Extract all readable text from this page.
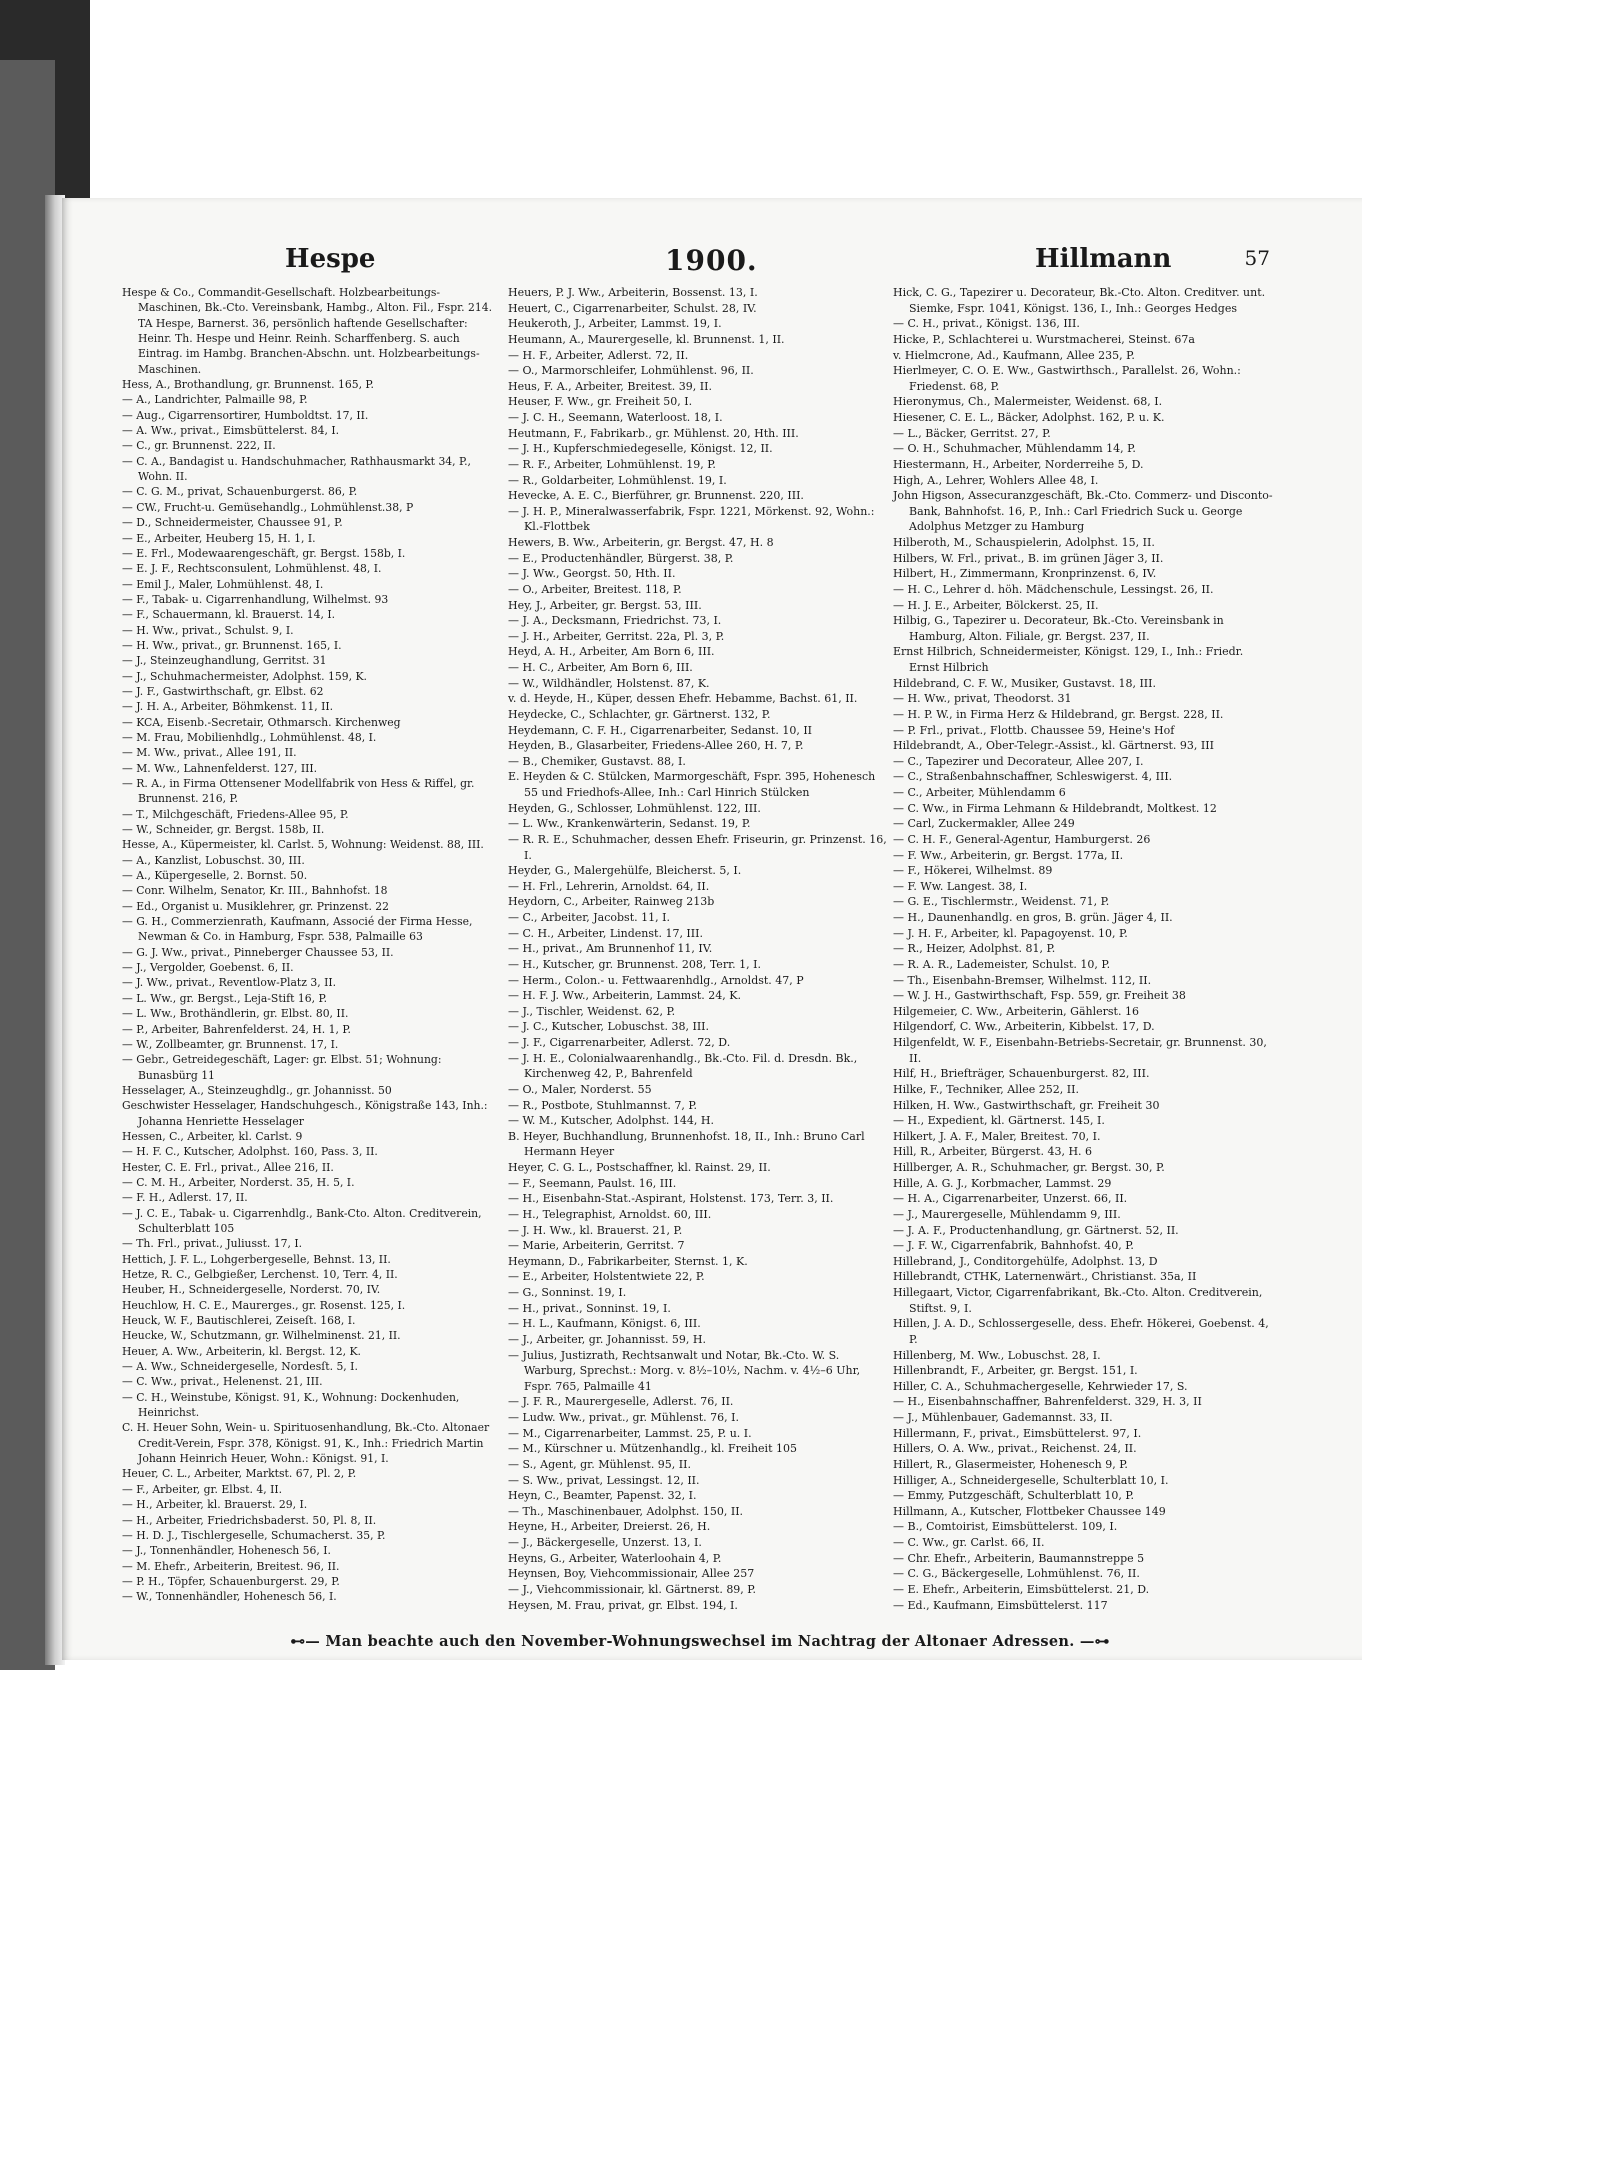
Hespe	1900.	Hillmann	57

Hespe & Co., Commandit-Gesellschaft. Holzbearbeitungs-Maschinen, Bk.-Cto. Vereinsbank, Hambg., Alton. Fil., Fspr. 214. TA Hespe, Barnerst. 36, persönlich haftende Gesellschafter: Heinr. Th. Hespe und Heinr. Reinh. Scharffenberg. S. auch Eintrag. im Hambg. Branchen-Abschn. unt. Holzbearbeitungs-Maschinen.

Hess, A., Brothandlung, gr. Brunnenst. 165, P.

— A., Landrichter, Palmaille 98, P.

— Aug., Cigarrensortirer, Humboldtst. 17, II.

— A. Ww., privat., Eimsbüttelerst. 84, I.

— C., gr. Brunnenst. 222, II.

— C. A., Bandagist u. Handschuhmacher, Rathhausmarkt 34, P., Wohn. II.

— C. G. M., privat, Schauenburgerst. 86, P.

— CW., Frucht-u. Gemüsehandlg., Lohmühlenst.38, P

— D., Schneidermeister, Chaussee 91, P.

— E., Arbeiter, Heuberg 15, H. 1, I.

— E. Frl., Modewaarengeschäft, gr. Bergst. 158b, I.

— E. J. F., Rechtsconsulent, Lohmühlenst. 48, I.

— Emil J., Maler, Lohmühlenst. 48, I.

— F., Tabak- u. Cigarrenhandlung, Wilhelmst. 93

— F., Schauermann, kl. Brauerst. 14, I.

— H. Ww., privat., Schulst. 9, I.

— H. Ww., privat., gr. Brunnenst. 165, I.

— J., Steinzeughandlung, Gerritst. 31

— J., Schuhmachermeister, Adolphst. 159, K.

— J. F., Gastwirthschaft, gr. Elbst. 62

— J. H. A., Arbeiter, Böhmkenst. 11, II.

— KCA, Eisenb.-Secretair, Othmarsch. Kirchenweg

— M. Frau, Mobilienhdlg., Lohmühlenst. 48, I.

— M. Ww., privat., Allee 191, II.

— M. Ww., Lahnenfelderst. 127, III.

— R. A., in Firma Ottensener Modellfabrik von Hess & Riffel, gr. Brunnenst. 216, P.

— T., Milchgeschäft, Friedens-Allee 95, P.

— W., Schneider, gr. Bergst. 158b, II.

Hesse, A., Küpermeister, kl. Carlst. 5, Wohnung: Weidenst. 88, III.

— A., Kanzlist, Lobuschst. 30, III.

— A., Küpergeselle, 2. Bornst. 50.

— Conr. Wilhelm, Senator, Kr. III., Bahnhofst. 18

— Ed., Organist u. Musiklehrer, gr. Prinzenst. 22

— G. H., Commerzienrath, Kaufmann, Associé der Firma Hesse, Newman & Co. in Hamburg, Fspr. 538, Palmaille 63

— G. J. Ww., privat., Pinneberger Chaussee 53, II.

— J., Vergolder, Goebenst. 6, II.

— J. Ww., privat., Reventlow-Platz 3, II.

— L. Ww., gr. Bergst., Leja-Stift 16, P.

— L. Ww., Brothändlerin, gr. Elbst. 80, II.

— P., Arbeiter, Bahrenfelderst. 24, H. 1, P.

— W., Zollbeamter, gr. Brunnenst. 17, I.

— Gebr., Getreidegeschäft, Lager: gr. Elbst. 51; Wohnung: Bunasbürg 11

Hesselager, A., Steinzeughdlg., gr. Johannisst. 50

Geschwister Hesselager, Handschuhgesch., Königstraße 143, Inh.: Johanna Henriette Hesselager

Hessen, C., Arbeiter, kl. Carlst. 9

— H. F. C., Kutscher, Adolphst. 160, Pass. 3, II.

Hester, C. E. Frl., privat., Allee 216, II.

— C. M. H., Arbeiter, Norderst. 35, H. 5, I.

— F. H., Adlerst. 17, II.

— J. C. E., Tabak- u. Cigarrenhdlg., Bank-Cto. Alton. Creditverein, Schulterblatt 105

— Th. Frl., privat., Juliusst. 17, I.

Hettich, J. F. L., Lohgerbergeselle, Behnst. 13, II.

Hetze, R. C., Gelbgießer, Lerchenst. 10, Terr. 4, II.

Heuber, H., Schneidergeselle, Norderst. 70, IV.

Heuchlow, H. C. E., Maurerges., gr. Rosenst. 125, I.

Heuck, W. F., Bautischlerei, Zeiseſt. 168, I.

Heucke, W., Schutzmann, gr. Wilhelminenst. 21, II.

Heuer, A. Ww., Arbeiterin, kl. Bergst. 12, K.

— A. Ww., Schneidergeselle, Nordesſt. 5, I.

— C. Ww., privat., Helenenst. 21, III.

— C. H., Weinstube, Königst. 91, K., Wohnung: Dockenhuden, Heinrichst.

C. H. Heuer Sohn, Wein- u. Spirituosenhandlung, Bk.-Cto. Altonaer Credit-Verein, Fspr. 378, Königst. 91, K., Inh.: Friedrich Martin Johann Heinrich Heuer, Wohn.: Königst. 91, I.

Heuer, C. L., Arbeiter, Marktst. 67, Pl. 2, P.

— F., Arbeiter, gr. Elbst. 4, II.

— H., Arbeiter, kl. Brauerst. 29, I.

— H., Arbeiter, Friedrichsbaderst. 50, Pl. 8, II.

— H. D. J., Tischlergeselle, Schumacherst. 35, P.

— J., Tonnenhändler, Hohenesch 56, I.

— M. Ehefr., Arbeiterin, Breitest. 96, II.

— P. H., Töpfer, Schauenburgerst. 29, P.

— W., Tonnenhändler, Hohenesch 56, I.

Heuers, P. J. Ww., Arbeiterin, Bossenst. 13, I.

Heuert, C., Cigarrenarbeiter, Schulst. 28, IV.

Heukeroth, J., Arbeiter, Lammst. 19, I.

Heumann, A., Maurergeselle, kl. Brunnenst. 1, II.

— H. F., Arbeiter, Adlerst. 72, II.

— O., Marmorschleifer, Lohmühlenst. 96, II.

Heus, F. A., Arbeiter, Breitest. 39, II.

Heuser, F. Ww., gr. Freiheit 50, I.

— J. C. H., Seemann, Waterloost. 18, I.

Heutmann, F., Fabrikarb., gr. Mühlenst. 20, Hth. III.

— J. H., Kupferschmiedegeselle, Königst. 12, II.

— R. F., Arbeiter, Lohmühlenst. 19, P.

— R., Goldarbeiter, Lohmühlenst. 19, I.

Hevecke, A. E. C., Bierführer, gr. Brunnenst. 220, III.

— J. H. P., Mineralwasserfabrik, Fspr. 1221, Mörkenst. 92, Wohn.: Kl.-Flottbek

Hewers, B. Ww., Arbeiterin, gr. Bergst. 47, H. 8

— E., Productenhändler, Bürgerst. 38, P.

— J. Ww., Georgst. 50, Hth. II.

— O., Arbeiter, Breitest. 118, P.

Hey, J., Arbeiter, gr. Bergst. 53, III.

— J. A., Decksmann, Friedrichst. 73, I.

— J. H., Arbeiter, Gerritst. 22a, Pl. 3, P.

Heyd, A. H., Arbeiter, Am Born 6, III.

— H. C., Arbeiter, Am Born 6, III.

— W., Wildhändler, Holstenst. 87, K.

v. d. Heyde, H., Küper, dessen Ehefr. Hebamme, Bachst. 61, II.

Heydecke, C., Schlachter, gr. Gärtnerst. 132, P.

Heydemann, C. F. H., Cigarrenarbeiter, Sedanst. 10, II

Heyden, B., Glasarbeiter, Friedens-Allee 260, H. 7, P.

— B., Chemiker, Gustavst. 88, I.

E. Heyden & C. Stülcken, Marmorgeschäft, Fspr. 395, Hohenesch 55 und Friedhofs-Allee, Inh.: Carl Hinrich Stülcken

Heyden, G., Schlosser, Lohmühlenst. 122, III.

— L. Ww., Krankenwärterin, Sedanst. 19, P.

— R. R. E., Schuhmacher, dessen Ehefr. Friseurin, gr. Prinzenst. 16, I.

Heyder, G., Malergehülfe, Bleicherst. 5, I.

— H. Frl., Lehrerin, Arnoldst. 64, II.

Heydorn, C., Arbeiter, Rainweg 213b

— C., Arbeiter, Jacobst. 11, I.

— C. H., Arbeiter, Lindenst. 17, III.

— H., privat., Am Brunnenhof 11, IV.

— H., Kutscher, gr. Brunnenst. 208, Terr. 1, I.

— Herm., Colon.- u. Fettwaarenhdlg., Arnoldst. 47, P

— H. F. J. Ww., Arbeiterin, Lammst. 24, K.

— J., Tischler, Weidenst. 62, P.

— J. C., Kutscher, Lobuschst. 38, III.

— J. F., Cigarrenarbeiter, Adlerst. 72, D.

— J. H. E., Colonialwaarenhandlg., Bk.-Cto. Fil. d. Dresdn. Bk., Kirchenweg 42, P., Bahrenfeld

— O., Maler, Norderst. 55

— R., Postbote, Stuhlmannst. 7, P.

— W. M., Kutscher, Adolphst. 144, H.

B. Heyer, Buchhandlung, Brunnenhofst. 18, II., Inh.: Bruno Carl Hermann Heyer

Heyer, C. G. L., Postschaffner, kl. Rainst. 29, II.

— F., Seemann, Paulst. 16, III.

— H., Eisenbahn-Stat.-Aspirant, Holstenst. 173, Terr. 3, II.

— H., Telegraphist, Arnoldst. 60, III.

— J. H. Ww., kl. Brauerst. 21, P.

— Marie, Arbeiterin, Gerritst. 7

Heymann, D., Fabrikarbeiter, Sternst. 1, K.

— E., Arbeiter, Holstentwiete 22, P.

— G., Sonninst. 19, I.

— H., privat., Sonninst. 19, I.

— H. L., Kaufmann, Königst. 6, III.

— J., Arbeiter, gr. Johannisst. 59, H.

— Julius, Justizrath, Rechtsanwalt und Notar, Bk.-Cto. W. S. Warburg, Sprechst.: Morg. v. 8½–10½, Nachm. v. 4½–6 Uhr, Fspr. 765, Palmaille 41

— J. F. R., Maurergeselle, Adlerst. 76, II.

— Ludw. Ww., privat., gr. Mühlenst. 76, I.

— M., Cigarrenarbeiter, Lammst. 25, P. u. I.

— M., Kürschner u. Mützenhandlg., kl. Freiheit 105

— S., Agent, gr. Mühlenst. 95, II.

— S. Ww., privat, Lessingst. 12, II.

Heyn, C., Beamter, Papenst. 32, I.

— Th., Maschinenbauer, Adolphst. 150, II.

Heyne, H., Arbeiter, Dreierst. 26, H.

— J., Bäckergeselle, Unzerst. 13, I.

Heyns, G., Arbeiter, Waterloohain 4, P.

Heynsen, Boy, Viehcommissionair, Allee 257

— J., Viehcommissionair, kl. Gärtnerst. 89, P.

Heysen, M. Frau, privat, gr. Elbst. 194, I.

Hick, C. G., Tapezirer u. Decorateur, Bk.-Cto. Alton. Creditver. unt. Siemke, Fspr. 1041, Königst. 136, I., Inh.: Georges Hedges

— C. H., privat., Königst. 136, III.

Hicke, P., Schlachterei u. Wurstmacherei, Steinst. 67a

v. Hielmcrone, Ad., Kaufmann, Allee 235, P.

Hierlmeyer, C. O. E. Ww., Gastwirthsch., Parallelst. 26, Wohn.: Friedenst. 68, P.

Hieronymus, Ch., Malermeister, Weidenst. 68, I.

Hiesener, C. E. L., Bäcker, Adolphst. 162, P. u. K.

— L., Bäcker, Gerritst. 27, P.

— O. H., Schuhmacher, Mühlendamm 14, P.

Hiestermann, H., Arbeiter, Norderreihe 5, D.

High, A., Lehrer, Wohlers Allee 48, I.

John Higson, Assecuranzgeschäft, Bk.-Cto. Commerz- und Disconto-Bank, Bahnhofst. 16, P., Inh.: Carl Friedrich Suck u. George Adolphus Metzger zu Hamburg

Hilberoth, M., Schauspielerin, Adolphst. 15, II.

Hilbers, W. Frl., privat., B. im grünen Jäger 3, II.

Hilbert, H., Zimmermann, Kronprinzenst. 6, IV.

— H. C., Lehrer d. höh. Mädchenschule, Lessingst. 26, II.

— H. J. E., Arbeiter, Bölckerst. 25, II.

Hilbig, G., Tapezirer u. Decorateur, Bk.-Cto. Vereinsbank in Hamburg, Alton. Filiale, gr. Bergst. 237, II.

Ernst Hilbrich, Schneidermeister, Königst. 129, I., Inh.: Friedr. Ernst Hilbrich

Hildebrand, C. F. W., Musiker, Gustavst. 18, III.

— H. Ww., privat, Theodorst. 31

— H. P. W., in Firma Herz & Hildebrand, gr. Bergst. 228, II.

— P. Frl., privat., Flottb. Chaussee 59, Heine's Hof

Hildebrandt, A., Ober-Telegr.-Assist., kl. Gärtnerst. 93, III

— C., Tapezirer und Decorateur, Allee 207, I.

— C., Straßenbahnschaffner, Schleswigerst. 4, III.

— C., Arbeiter, Mühlendamm 6

— C. Ww., in Firma Lehmann & Hildebrandt, Moltkest. 12

— Carl, Zuckermakler, Allee 249

— C. H. F., General-Agentur, Hamburgerst. 26

— F. Ww., Arbeiterin, gr. Bergst. 177a, II.

— F., Hökerei, Wilhelmst. 89

— F. Ww. Langest. 38, I.

— G. E., Tischlermstr., Weidenst. 71, P.

— H., Daunenhandlg. en gros, B. grün. Jäger 4, II.

— J. H. F., Arbeiter, kl. Papagoyenst. 10, P.

— R., Heizer, Adolphst. 81, P.

— R. A. R., Lademeister, Schulst. 10, P.

— Th., Eisenbahn-Bremser, Wilhelmst. 112, II.

— W. J. H., Gastwirthschaft, Fsp. 559, gr. Freiheit 38

Hilgemeier, C. Ww., Arbeiterin, Gählerst. 16

Hilgendorf, C. Ww., Arbeiterin, Kibbelst. 17, D.

Hilgenfeldt, W. F., Eisenbahn-Betriebs-Secretair, gr. Brunnenst. 30, II.

Hilf, H., Briefträger, Schauenburgerst. 82, III.

Hilke, F., Techniker, Allee 252, II.

Hilken, H. Ww., Gastwirthschaft, gr. Freiheit 30

— H., Expedient, kl. Gärtnerst. 145, I.

Hilkert, J. A. F., Maler, Breitest. 70, I.

Hill, R., Arbeiter, Bürgerst. 43, H. 6

Hillberger, A. R., Schuhmacher, gr. Bergst. 30, P.

Hille, A. G. J., Korbmacher, Lammst. 29

— H. A., Cigarrenarbeiter, Unzerst. 66, II.

— J., Maurergeselle, Mühlendamm 9, III.

— J. A. F., Productenhandlung, gr. Gärtnerst. 52, II.

— J. F. W., Cigarrenfabrik, Bahnhofst. 40, P.

Hillebrand, J., Conditorgehülfe, Adolphst. 13, D

Hillebrandt, CTHK, Laternenwärt., Christianst. 35a, II

Hillegaart, Victor, Cigarrenfabrikant, Bk.-Cto. Alton. Creditverein, Stiftst. 9, I.

Hillen, J. A. D., Schlossergeselle, dess. Ehefr. Hökerei, Goebenst. 4, P.

Hillenberg, M. Ww., Lobuschst. 28, I.

Hillenbrandt, F., Arbeiter, gr. Bergst. 151, I.

Hiller, C. A., Schuhmachergeselle, Kehrwieder 17, S.

— H., Eisenbahnschaffner, Bahrenfelderst. 329, H. 3, II

— J., Mühlenbauer, Gademannst. 33, II.

Hillermann, F., privat., Eimsbüttelerst. 97, I.

Hillers, O. A. Ww., privat., Reichenst. 24, II.

Hillert, R., Glasermeister, Hohenesch 9, P.

Hilliger, A., Schneidergeselle, Schulterblatt 10, I.

— Emmy, Putzgeschäft, Schulterblatt 10, P.

Hillmann, A., Kutscher, Flottbeker Chaussee 149

— B., Comtoirist, Eimsbüttelerst. 109, I.

— C. Ww., gr. Carlst. 66, II.

— Chr. Ehefr., Arbeiterin, Baumannstreppe 5

— C. G., Bäckergeselle, Lohmühlenst. 76, II.

— E. Ehefr., Arbeiterin, Eimsbüttelerst. 21, D.

— Ed., Kaufmann, Eimsbüttelerst. 117

⊷— Man beachte auch den November-Wohnungswechsel im Nachtrag der Altonaer Adressen. —⊶
